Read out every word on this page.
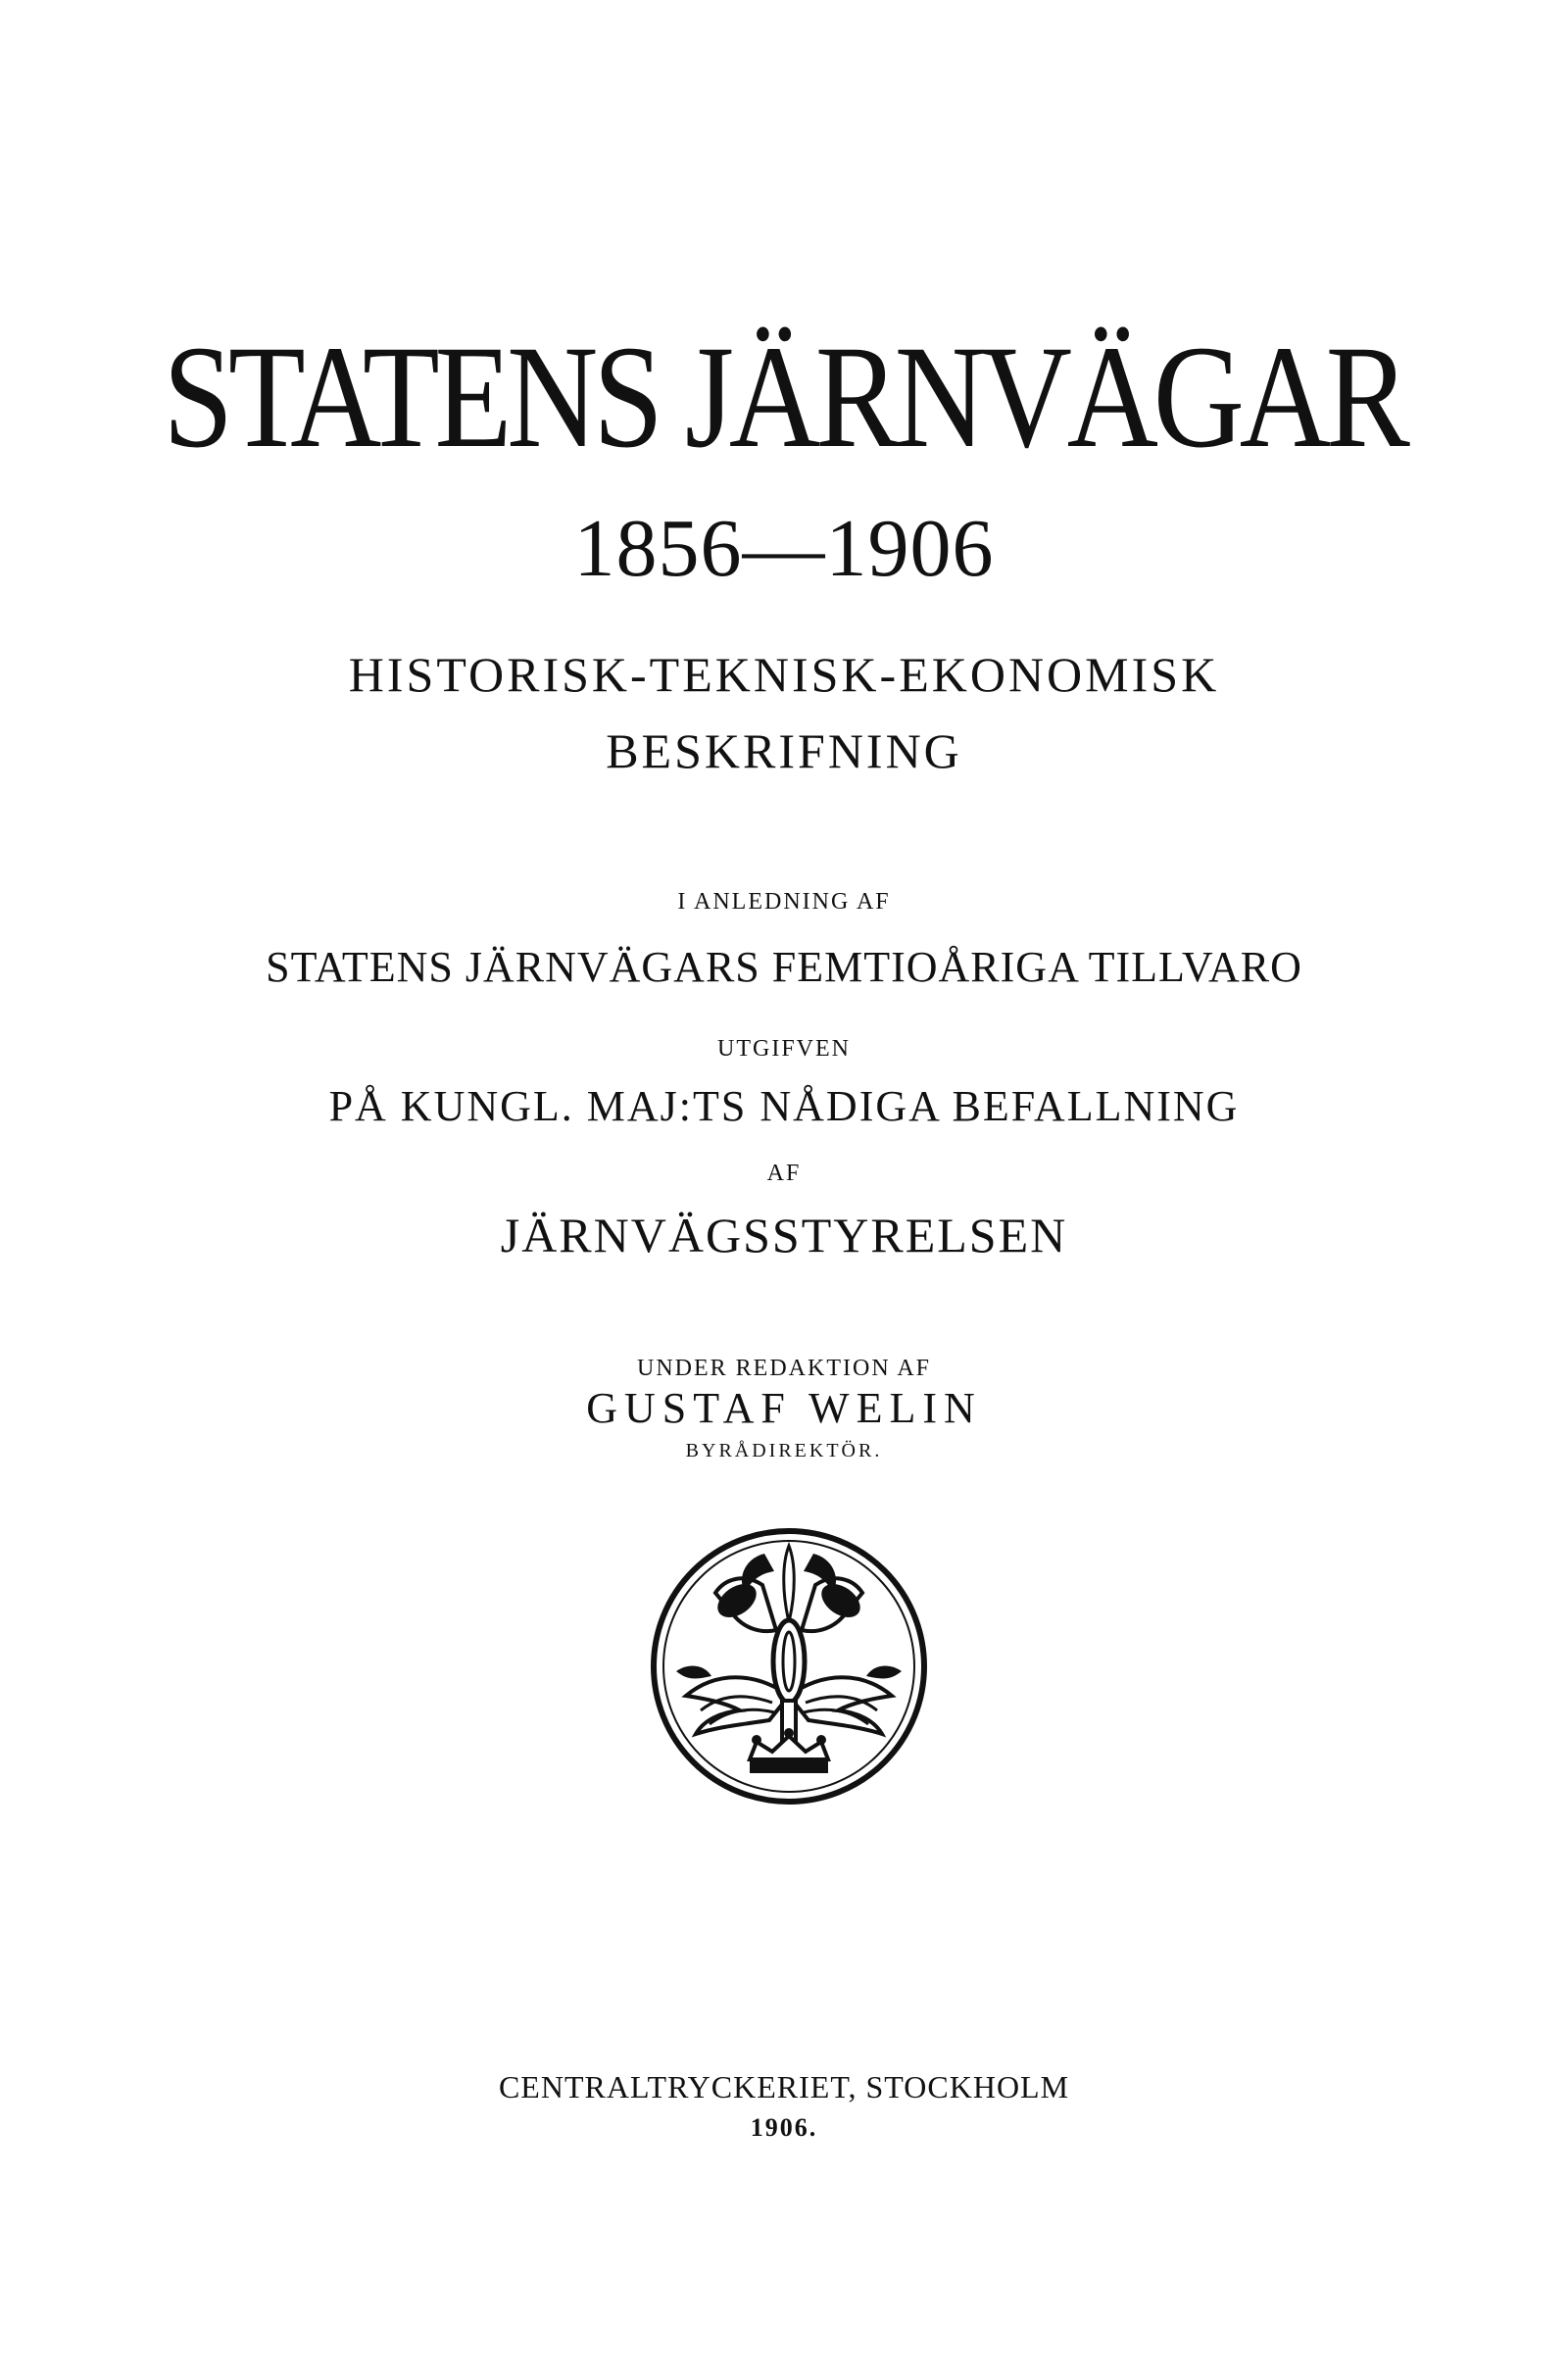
STATENS JÄRNVÄGAR
1856—1906
HISTORISK-TEKNISK-EKONOMISK
BESKRIFNING
I ANLEDNING AF
STATENS JÄRNVÄGARS FEMTIOÅRIGA TILLVARO
UTGIFVEN
PÅ KUNGL. MAJ:TS NÅDIGA BEFALLNING
AF
JÄRNVÄGSSTYRELSEN
UNDER REDAKTION AF
GUSTAF WELIN
BYRÅDIREKTÖR.
CENTRALTRYCKERIET, STOCKHOLM
1906.
